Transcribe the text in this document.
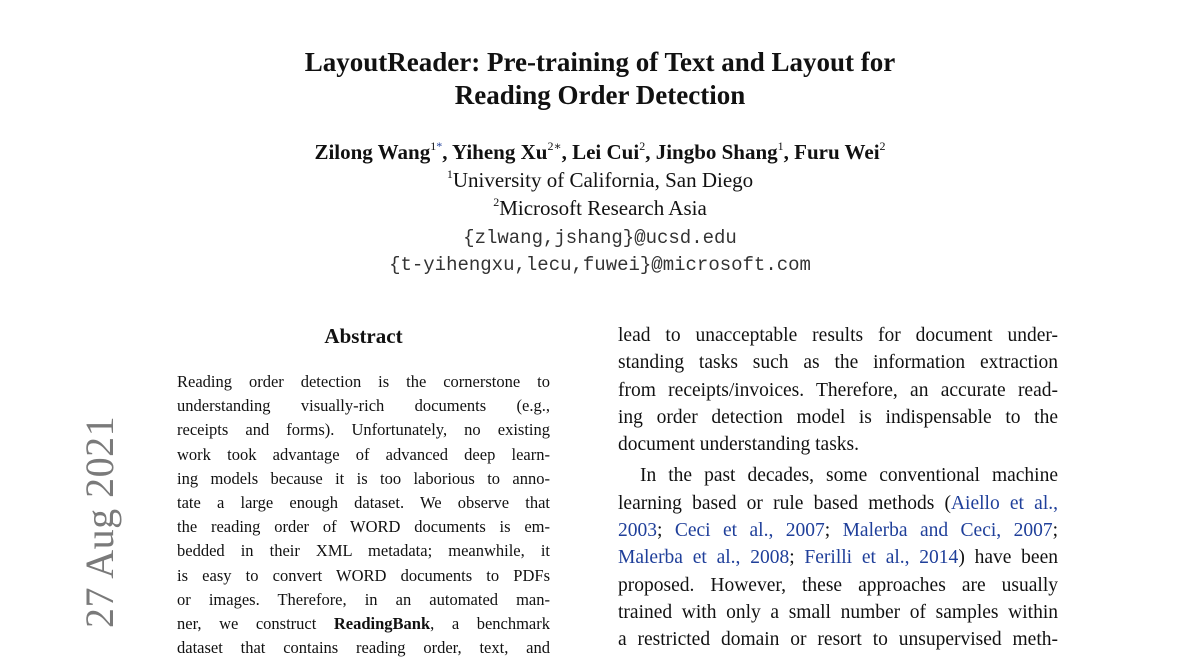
27 Aug 2021
LayoutReader: Pre-training of Text and Layout for
Reading Order Detection
Zilong Wang$^{1*}$, Yiheng $Xu^{2∗}$, Lei Cui$^2$, Jingbo Shang$^1$, Furu Wei$^2$
$^1$University of California, San Diego
$^2$Microsoft Research Asia
{zlwang,jshang}@ucsd.edu
{t-yihengxu,lecu,fuwei}@microsoft.com
Abstract
Reading order detection is the cornerstone to
understanding visually-rich documents (e.g.,
receipts and forms). Unfortunately, no existing
work took advantage of advanced deep learn-
ing models because it is too laborious to anno-
tate a large enough dataset. We observe that
the reading order of WORD documents is em-
bedded in their XML metadata; meanwhile, it
is easy to convert WORD documents to PDFs
or images. Therefore, in an automated man-
ner, we construct ReadingBank, a benchmark
dataset that contains reading order, text, and
lead to unacceptable results for document under-
standing tasks such as the information extraction
from receipts/invoices. Therefore, an accurate read-
ing order detection model is indispensable to the
document understanding tasks.
In the past decades, some conventional machine
learning based or rule based methods (Aiello et al.,
2003; Ceci et al., 2007; Malerba and Ceci, 2007;
Malerba et al., 2008; Ferilli et al., 2014) have been
proposed. However, these approaches are usually
trained with only a small number of samples within
a restricted domain or resort to unsupervised meth-
